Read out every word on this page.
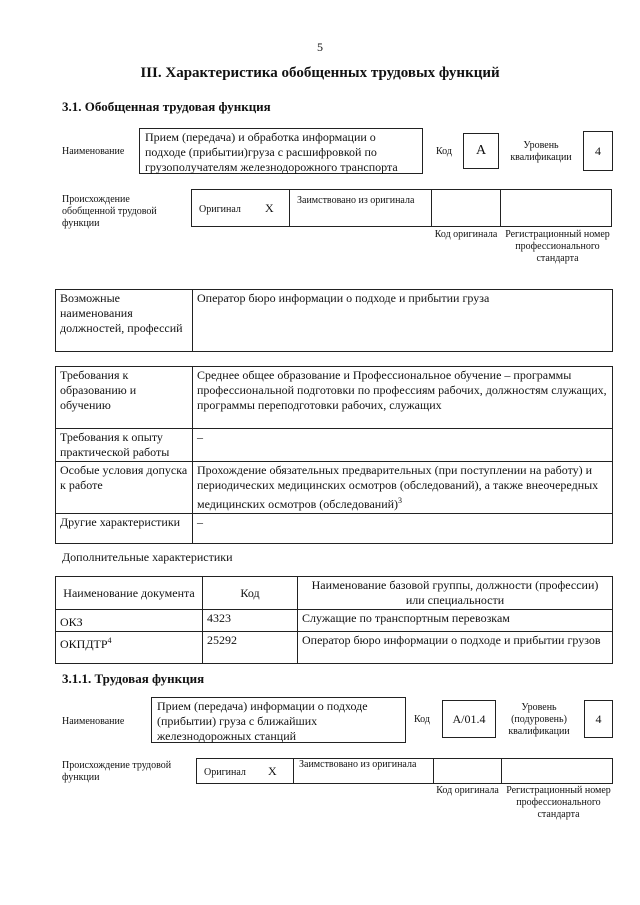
5
III. Характеристика обобщенных трудовых функций
3.1. Обобщенная трудовая функция
Наименование
Прием (передача) и обработка информации о подходе (прибытии)груза с расшифровкой по грузополучателям железнодорожного транспорта
Код	А	Уровень квалификации	4
Происхождение обобщенной трудовой функции
Оригинал X
Заимствовано из оригинала
Код оригинала Регистрационный номер профессионального стандарта
Возможные наименования должностей, профессий	Оператор бюро информации о подходе и прибытии груза
Требования к образованию и обучению	Среднее общее образование и Профессиональное обучение – программы профессиональной подготовки по профессиям рабочих, должностям служащих, программы переподготовки рабочих, служащих
Требования к опыту практической работы	–
Особые условия допуска к работе	Прохождение обязательных предварительных (при поступлении на работу) и периодических медицинских осмотров (обследований), а также внеочередных медицинских осмотров (обследований)$^3$
Другие характеристики	–
Дополнительные характеристики
Наименование документа	Код	Наименование базовой группы, должности (профессии) или специальности
ОКЗ	4323	Служащие по транспортным перевозкам
ОКПДТР$^4$	25292	Оператор бюро информации о подходе и прибытии грузов
3.1.1. Трудовая функция
Наименование
Прием (передача) информации о подходе (прибытии) груза с ближайших железнодорожных станций
Код	А/01.4
Уровень (подуровень) квалификации
4
Происхождение трудовой функции	Оригинал X Заимствовано из оригинала
Код оригинала Регистрационный номер профессионального стандарта
